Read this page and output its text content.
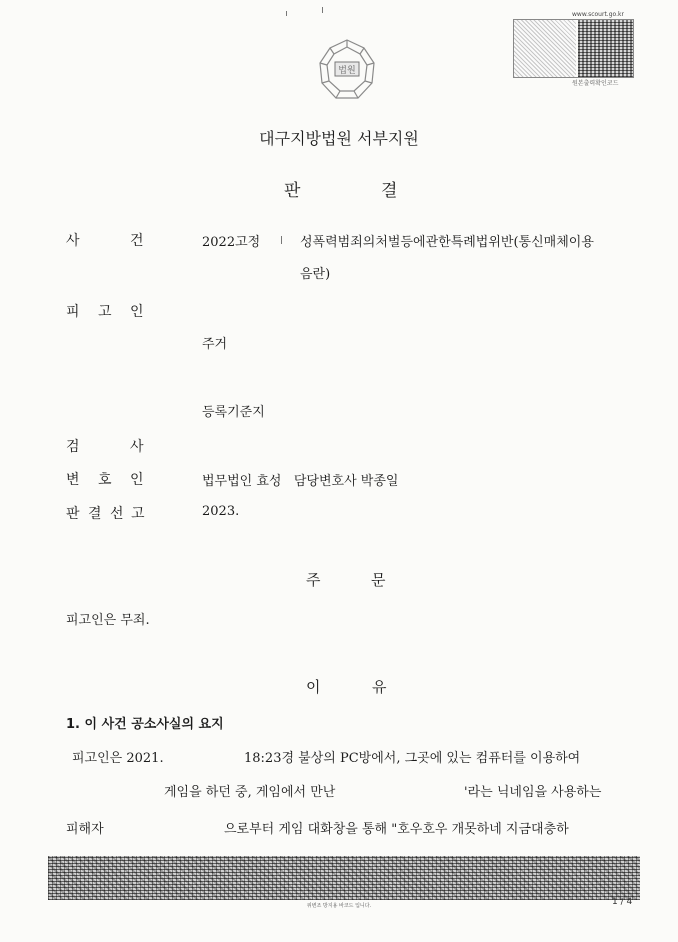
법원
www.scourt.go.kr
원본출력확인코드
대구지방법원 서부지원
판	결
사	건	2022고정	성폭력범죄의처벌등에관한특례법위반(통신매체이용
음란)
피 고 인
주거
등록기준지
검	사
변 호 인	법무법인 효성   담당변호사 박종일
판 결 선 고	2023.
주	문
피고인은 무죄.
이	유
1. 이 사건 공소사실의 요지
피고인은 2021.	18:23경 불상의 PC방에서, 그곳에 있는 컴퓨터를 이용하여
게임을 하던 중, 게임에서 만난	'라는 닉네임을 사용하는
피해자	으로부터 게임 대화창을 통해 "호우호우 개못하네 지금대충하
위변조 방지용 바코드 입니다.	1 / 4
